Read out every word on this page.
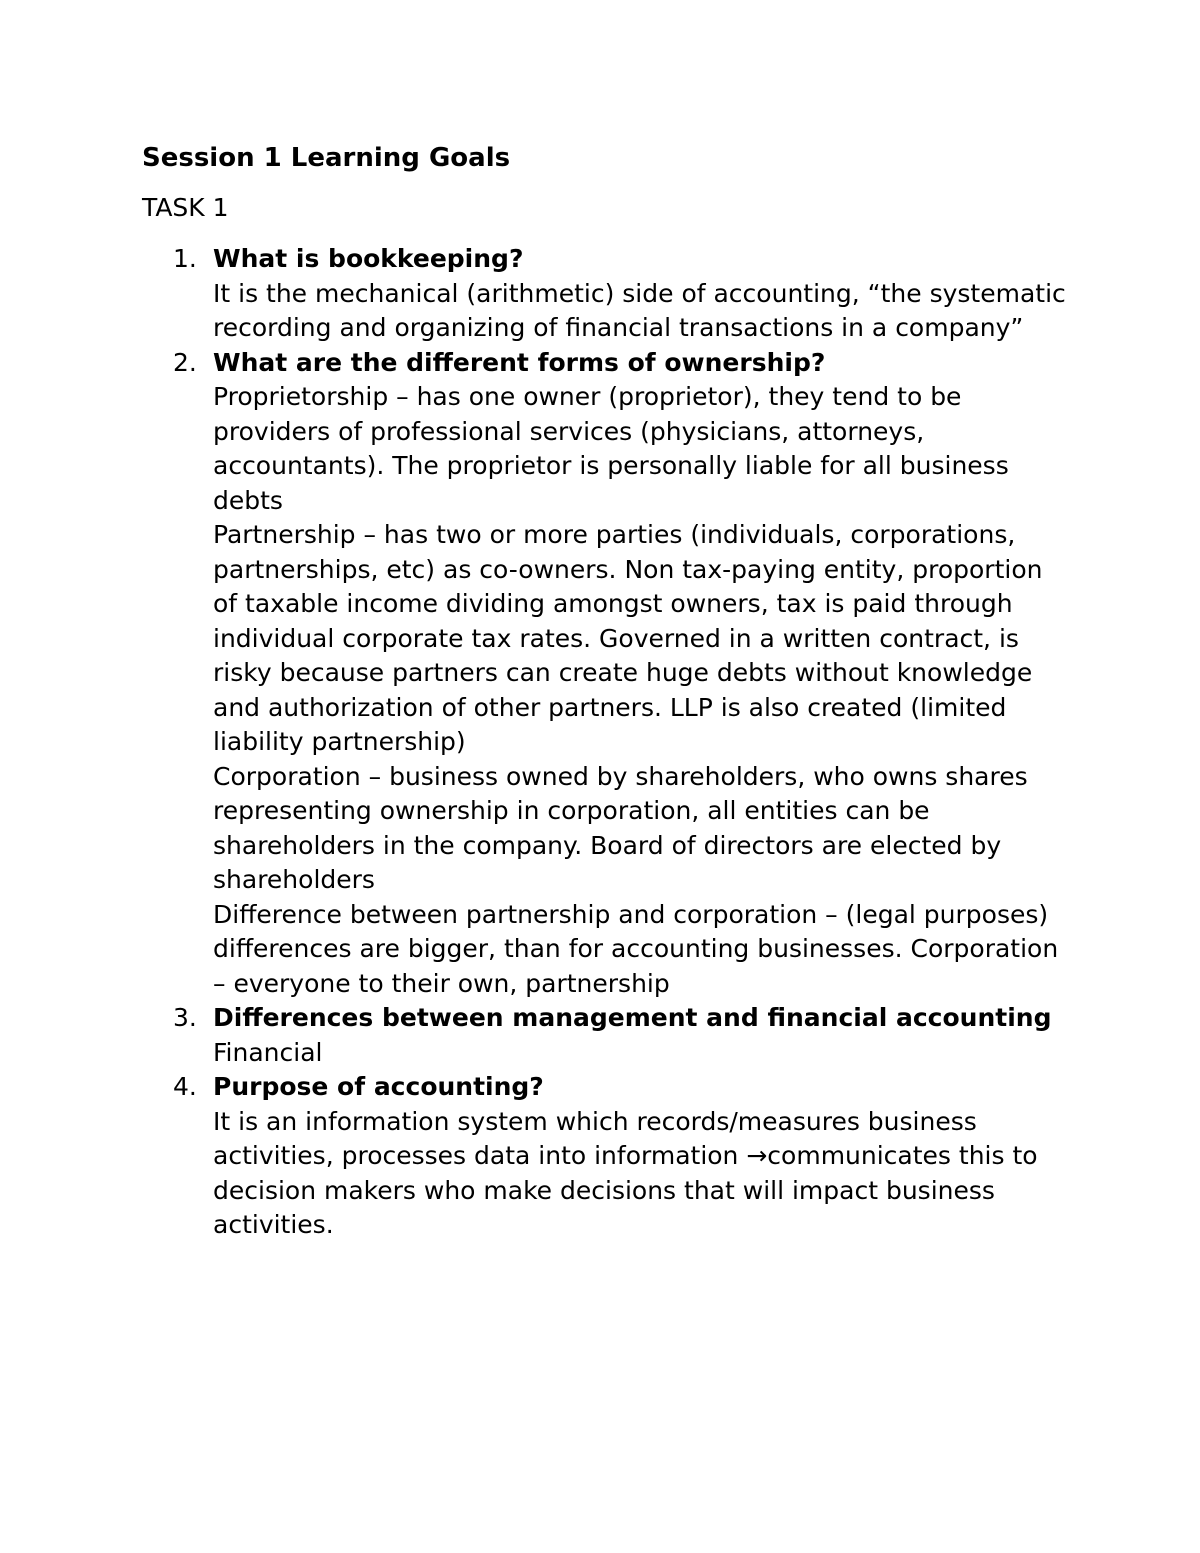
Session 1 Learning Goals
TASK 1
1. What is bookkeeping?
It is the mechanical (arithmetic) side of accounting, “the systematic recording and organizing of financial transactions in a company”
2. What are the different forms of ownership?
Proprietorship – has one owner (proprietor), they tend to be providers of professional services (physicians, attorneys, accountants). The proprietor is personally liable for all business debts
Partnership – has two or more parties (individuals, corporations, partnerships, etc) as co-owners. Non tax-paying entity, proportion of taxable income dividing amongst owners, tax is paid through individual corporate tax rates. Governed in a written contract, is risky because partners can create huge debts without knowledge and authorization of other partners. LLP is also created (limited liability partnership)
Corporation – business owned by shareholders, who owns shares representing ownership in corporation, all entities can be shareholders in the company. Board of directors are elected by shareholders
Difference between partnership and corporation – (legal purposes) differences are bigger, than for accounting businesses. Corporation – everyone to their own, partnership
3. Differences between management and financial accounting
Financial
4. Purpose of accounting?
It is an information system which records/measures business activities, processes data into information →communicates this to decision makers who make decisions that will impact business activities.
